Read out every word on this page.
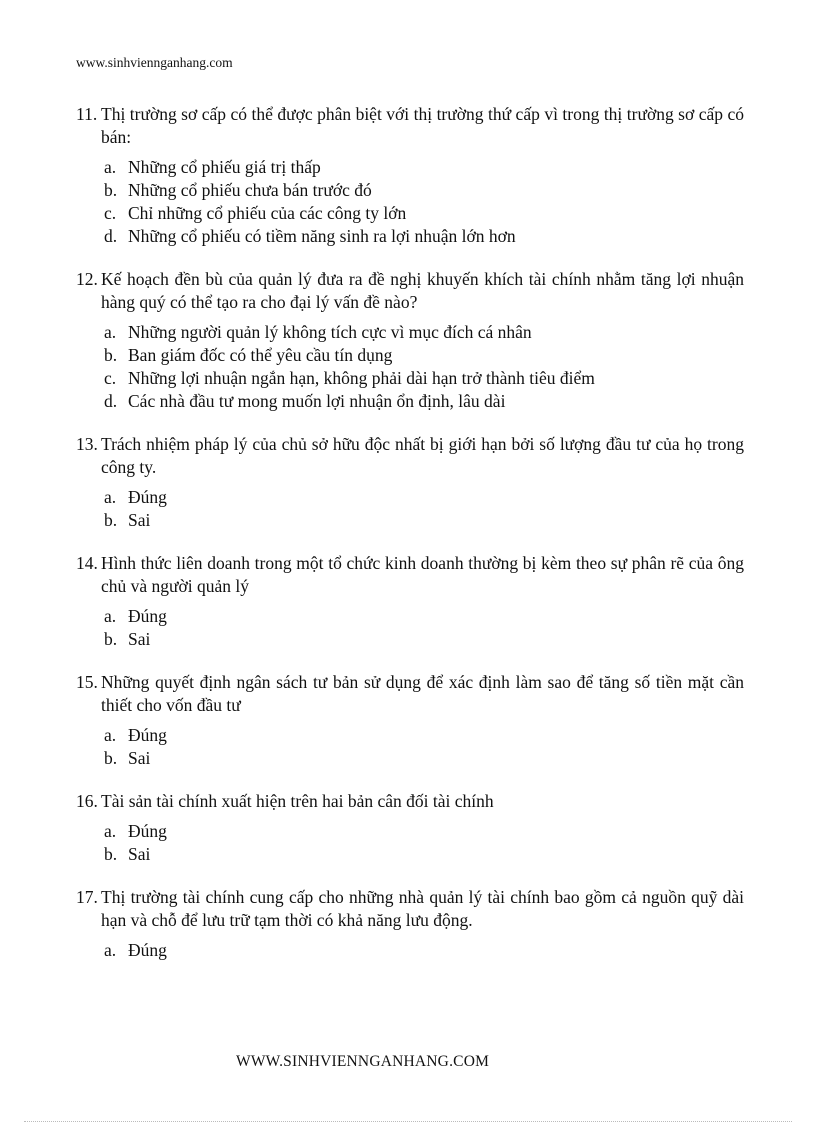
www.sinhviennganhang.com
11. Thị trường sơ cấp có thể được phân biệt với thị trường thứ cấp vì trong thị trường sơ cấp có bán:
a. Những cổ phiếu giá trị thấp
b. Những cổ phiếu chưa bán trước đó
c. Chỉ những cổ phiếu của các công ty lớn
d. Những cổ phiếu có tiềm năng sinh ra lợi nhuận lớn hơn
12. Kế hoạch đền bù của quản lý đưa ra đề nghị khuyến khích tài chính nhằm tăng lợi nhuận hàng quý có thể tạo ra cho đại lý vấn đề nào?
a. Những người quản lý không tích cực vì mục đích cá nhân
b. Ban giám đốc có thể yêu cầu tín dụng
c. Những lợi nhuận ngắn hạn, không phải dài hạn trở thành tiêu điểm
d. Các nhà đầu tư mong muốn lợi nhuận ổn định, lâu dài
13. Trách nhiệm pháp lý của chủ sở hữu độc nhất bị giới hạn bởi số lượng đầu tư của họ trong công ty.
a. Đúng
b. Sai
14. Hình thức liên doanh trong một tổ chức kinh doanh thường bị kèm theo sự phân rẽ của ông chủ và người quản lý
a. Đúng
b. Sai
15. Những quyết định ngân sách tư bản sử dụng để xác định làm sao để tăng số tiền mặt cần thiết cho vốn đầu tư
a. Đúng
b. Sai
16. Tài sản tài chính xuất hiện trên hai bản cân đối tài chính
a. Đúng
b. Sai
17. Thị trường tài chính cung cấp cho những nhà quản lý tài chính bao gồm cả nguồn quỹ dài hạn và chỗ để lưu trữ tạm thời có khả năng lưu động.
a. Đúng
WWW.SINHVIENNGANHANG.COM
